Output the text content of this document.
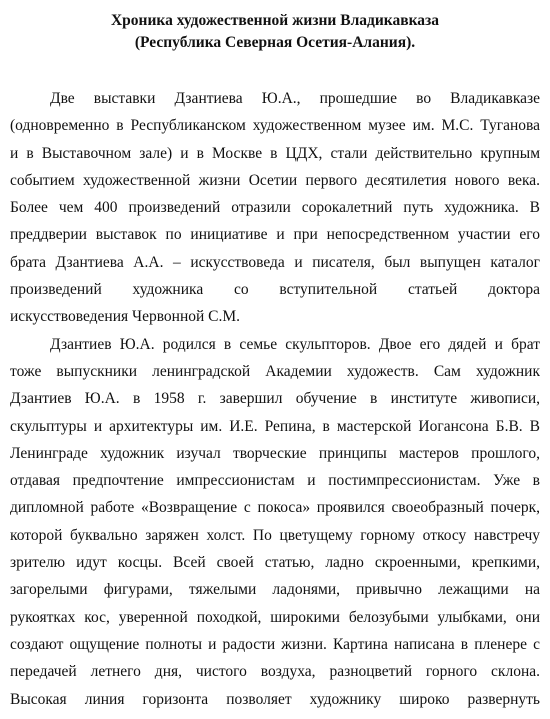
Хроника художественной жизни Владикавказа

(Республика Северная Осетия-Алания).

Две выставки Дзантиева Ю.А., прошедшие во Владикавказе
(одновременно в Республиканском художественном музее им. М.С. Туганова
и в Выставочном зале) и в Москве в ЦДХ, стали действительно крупным
событием художественной жизни Осетии первого десятилетия нового века.
Более чем 400 произведений отразили сорокалетний путь художника. В
преддверии выставок по инициативе и при непосредственном участии его
брата Дзантиева А.А. – искусствоведа и писателя, был выпущен каталог
произведений художника со вступительной статьей доктора
искусствоведения Червонной С.М.
Дзантиев Ю.А. родился в семье скульпторов. Двое его дядей и брат
тоже выпускники ленинградской Академии художеств. Сам художник
Дзантиев Ю.А. в 1958 г. завершил обучение в институте живописи,
скульптуры и архитектуры им. И.Е. Репина, в мастерской Иогансона Б.В. В
Ленинграде художник изучал творческие принципы мастеров прошлого,
отдавая предпочтение импрессионистам и постимпрессионистам. Уже в
дипломной работе «Возвращение с покоса» проявился своеобразный почерк,
которой буквально заряжен холст. По цветущему горному откосу навстречу
зрителю идут косцы. Всей своей статью, ладно скроенными, крепкими,
загорелыми фигурами, тяжелыми ладонями, привычно лежащими на
рукоятках кос, уверенной походкой, широкими белозубыми улыбками, они
создают ощущение полноты и радости жизни. Картина написана в пленере с
передачей летнего дня, чистого воздуха, разноцветий горного склона.
Высокая линия горизонта позволяет художнику широко развернуть
